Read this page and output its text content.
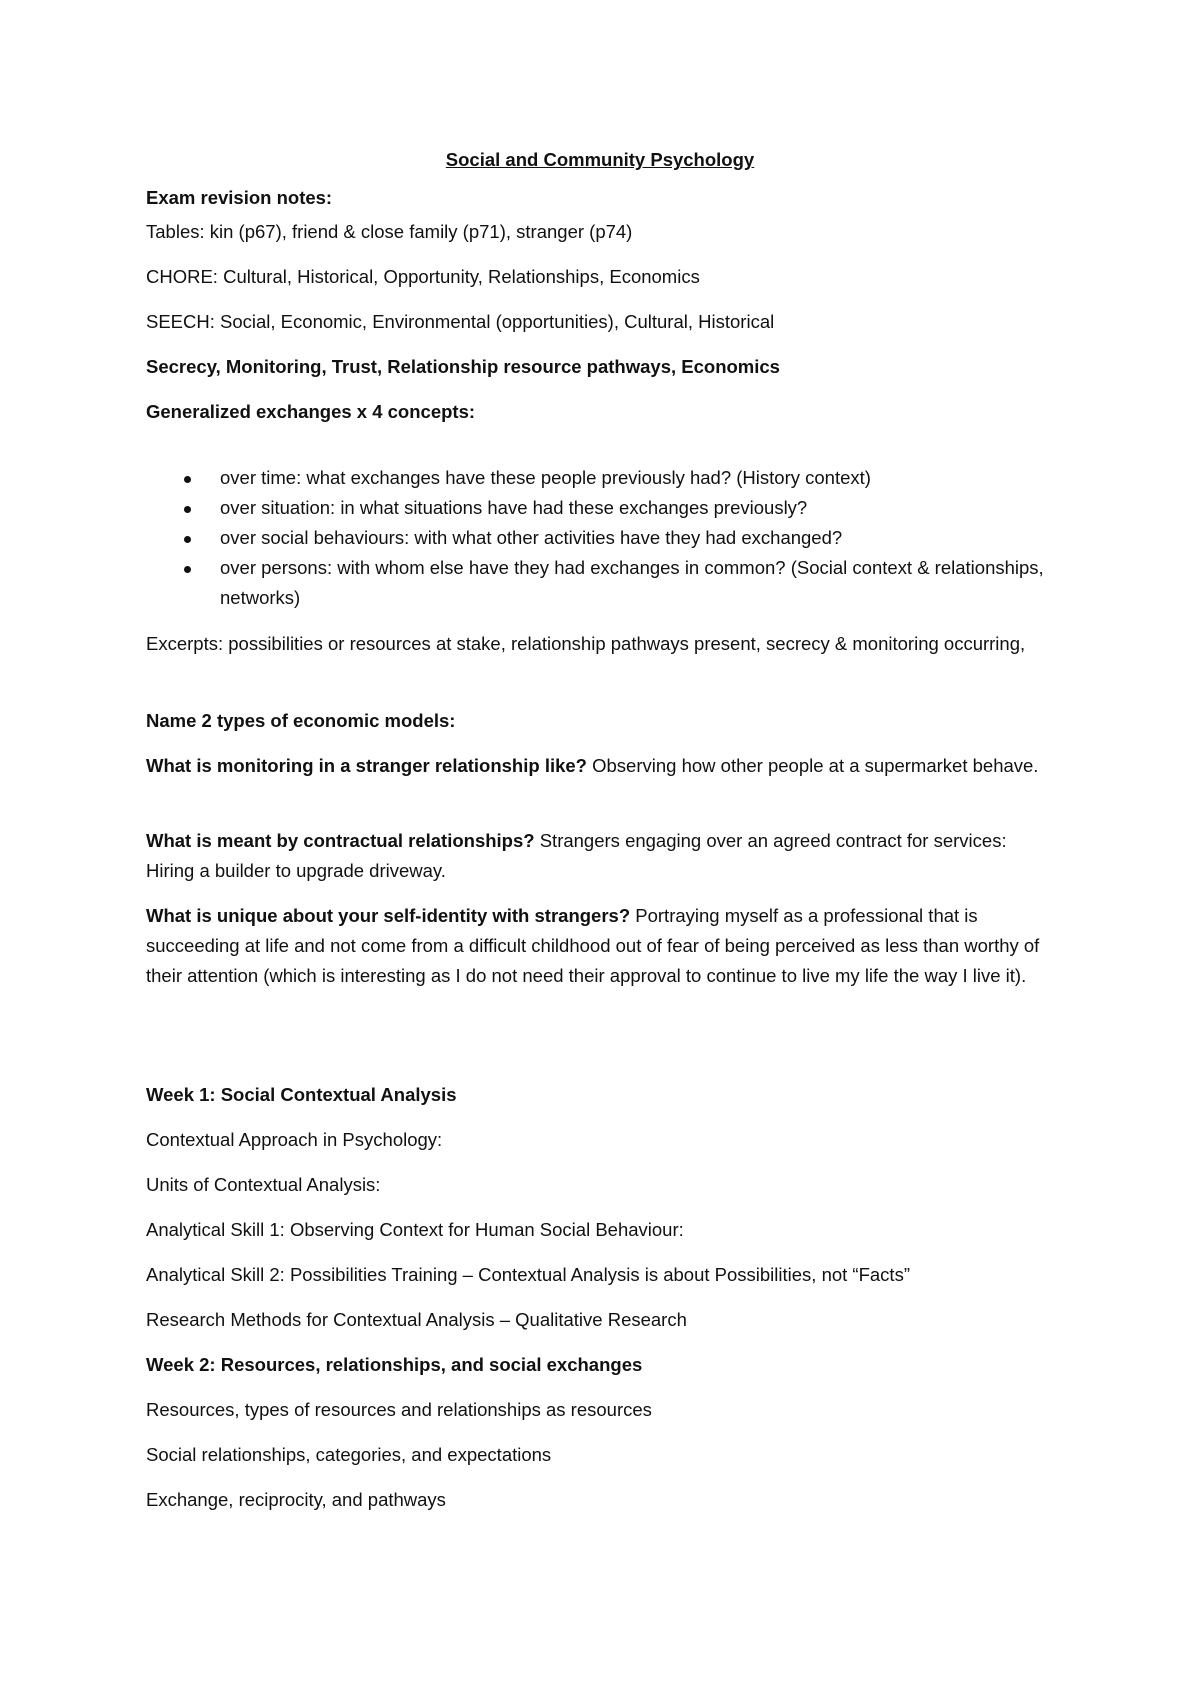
Social and Community Psychology
Exam revision notes:
Tables: kin (p67), friend & close family (p71), stranger (p74)
CHORE: Cultural, Historical, Opportunity, Relationships, Economics
SEECH: Social, Economic, Environmental (opportunities), Cultural, Historical
Secrecy, Monitoring, Trust, Relationship resource pathways, Economics
Generalized exchanges x 4 concepts:
over time: what exchanges have these people previously had? (History context)
over situation: in what situations have had these exchanges previously?
over social behaviours: with what other activities have they had exchanged?
over persons: with whom else have they had exchanges in common? (Social context & relationships, networks)
Excerpts: possibilities or resources at stake, relationship pathways present, secrecy & monitoring occurring,
Name 2 types of economic models:
What is monitoring in a stranger relationship like? Observing how other people at a supermarket behave.
What is meant by contractual relationships? Strangers engaging over an agreed contract for services: Hiring a builder to upgrade driveway.
What is unique about your self-identity with strangers? Portraying myself as a professional that is succeeding at life and not come from a difficult childhood out of fear of being perceived as less than worthy of their attention (which is interesting as I do not need their approval to continue to live my life the way I live it).
Week 1: Social Contextual Analysis
Contextual Approach in Psychology:
Units of Contextual Analysis:
Analytical Skill 1: Observing Context for Human Social Behaviour:
Analytical Skill 2: Possibilities Training – Contextual Analysis is about Possibilities, not “Facts”
Research Methods for Contextual Analysis – Qualitative Research
Week 2: Resources, relationships, and social exchanges
Resources, types of resources and relationships as resources
Social relationships, categories, and expectations
Exchange, reciprocity, and pathways
